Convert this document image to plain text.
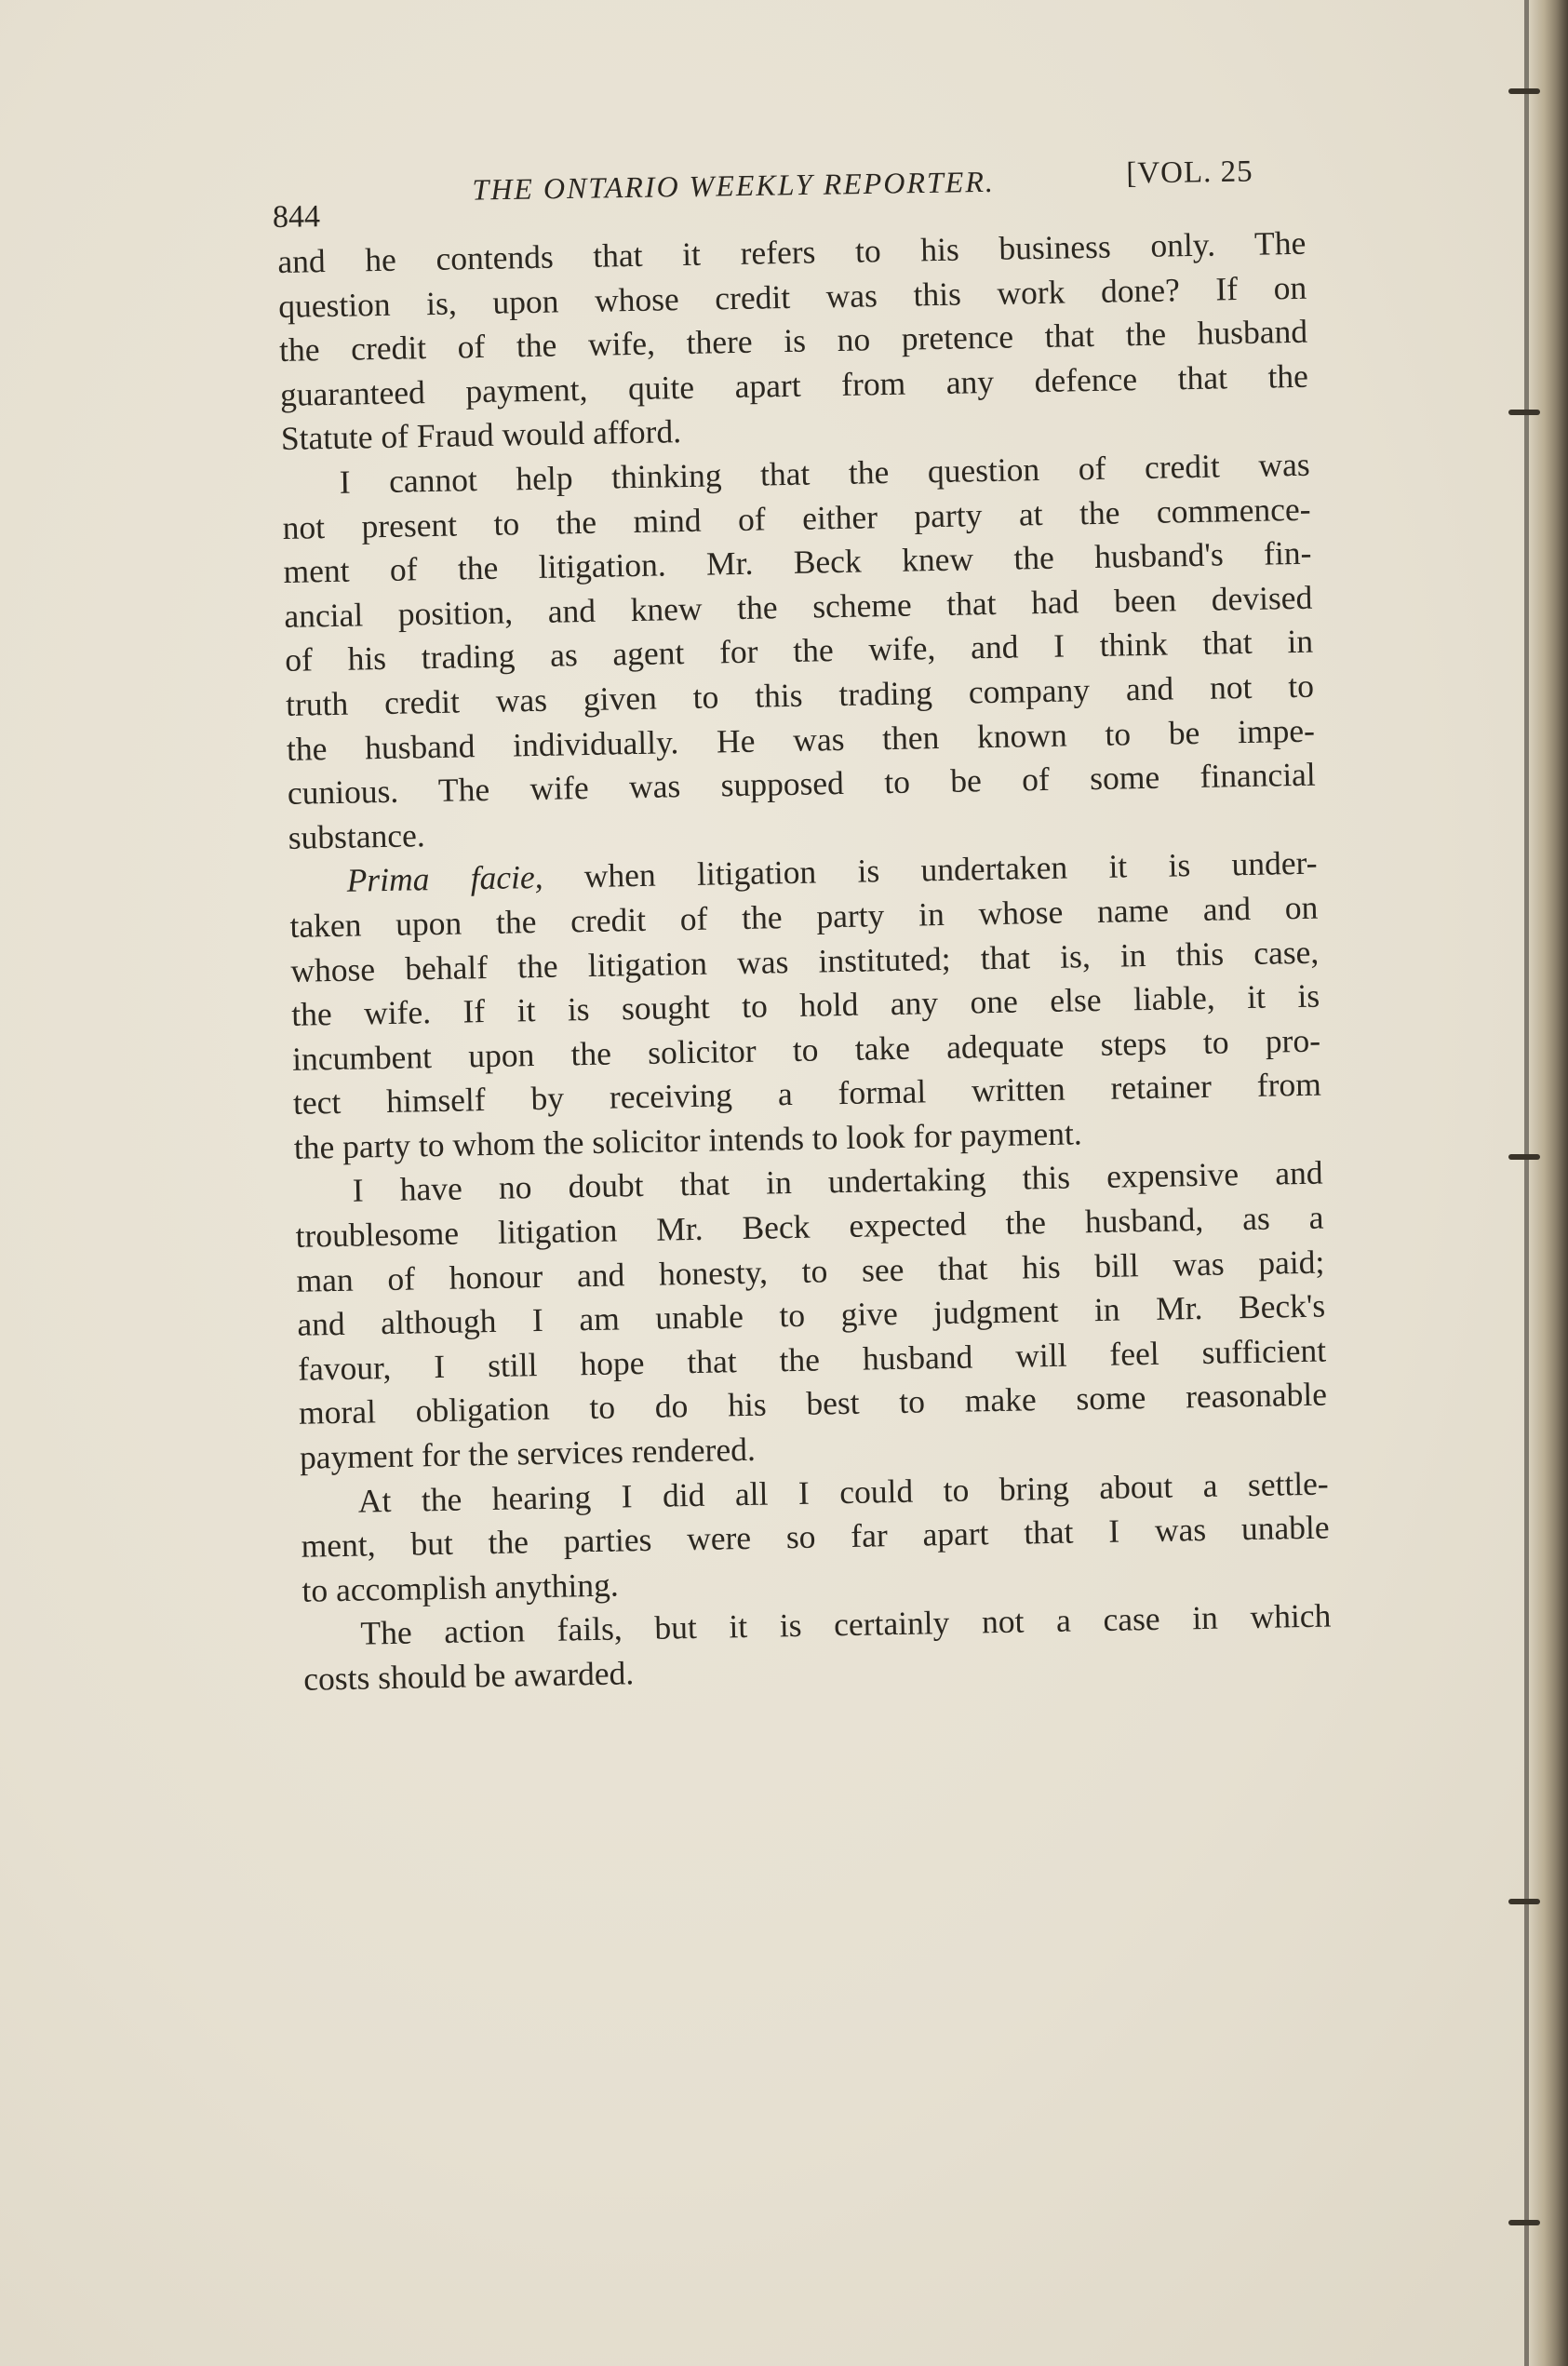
844
THE ONTARIO WEEKLY REPORTER.	[VOL. 25
and he contends that it refers to his business only. The
question is, upon whose credit was this work done? If on
the credit of the wife, there is no pretence that the husband
guaranteed payment, quite apart from any defence that the
Statute of Fraud would afford.
I cannot help thinking that the question of credit was
not present to the mind of either party at the commence-
ment of the litigation. Mr. Beck knew the husband's fin-
ancial position, and knew the scheme that had been devised
of his trading as agent for the wife, and I think that in
truth credit was given to this trading company and not to
the husband individually. He was then known to be impe-
cunious. The wife was supposed to be of some financial
substance.
Prima facie, when litigation is undertaken it is under-
taken upon the credit of the party in whose name and on
whose behalf the litigation was instituted; that is, in this case,
the wife. If it is sought to hold any one else liable, it is
incumbent upon the solicitor to take adequate steps to pro-
tect himself by receiving a formal written retainer from
the party to whom the solicitor intends to look for payment.
I have no doubt that in undertaking this expensive and
troublesome litigation Mr. Beck expected the husband, as a
man of honour and honesty, to see that his bill was paid;
and although I am unable to give judgment in Mr. Beck's
favour, I still hope that the husband will feel sufficient
moral obligation to do his best to make some reasonable
payment for the services rendered.
At the hearing I did all I could to bring about a settle-
ment, but the parties were so far apart that I was unable
to accomplish anything.
The action fails, but it is certainly not a case in which
costs should be awarded.
